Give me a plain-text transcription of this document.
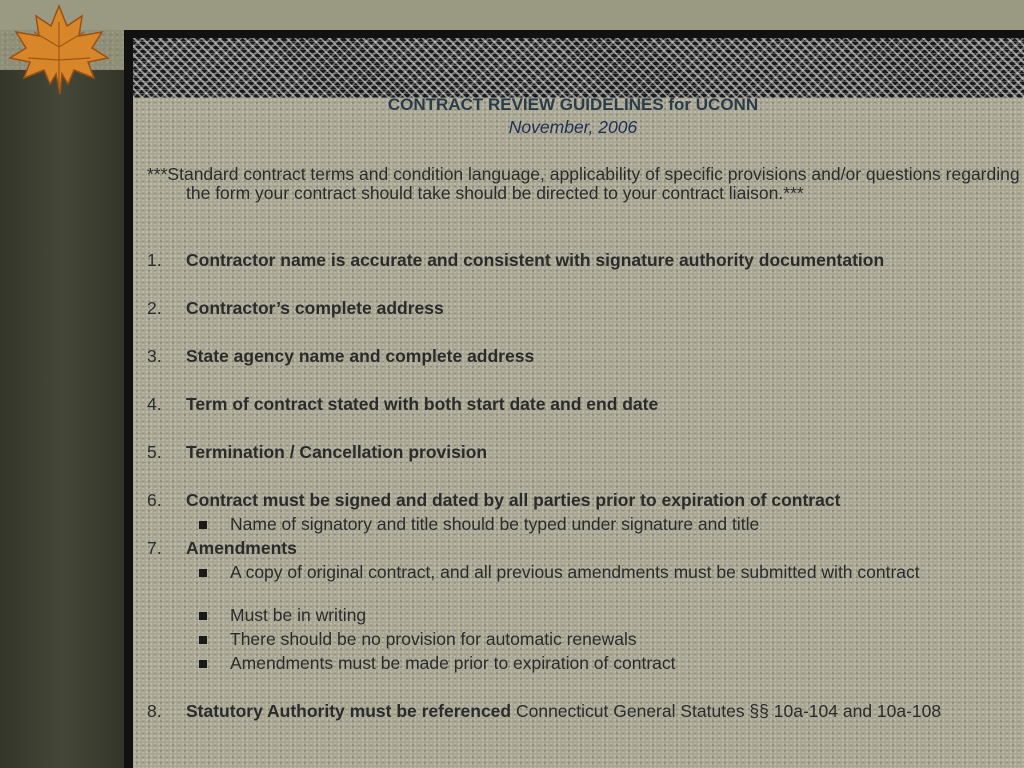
CONTRACT REVIEW GUIDELINES for UCONN
November, 2006
***Standard contract terms and condition language, applicability of specific provisions and/or questions regarding the form your contract should take should be directed to your contract liaison.***
1. Contractor name is accurate and consistent with signature authority documentation
2. Contractor’s complete address
3. State agency name and complete address
4. Term of contract stated with both start date and end date
5. Termination / Cancellation provision
6. Contract must be signed and dated by all parties prior to expiration of contract
Name of signatory and title should be typed under signature and title
7. Amendments
A copy of original contract, and all previous amendments must be submitted with contract
Must be in writing
There should be no provision for automatic renewals
Amendments must be made prior to expiration of contract
8. Statutory Authority must be referenced Connecticut General Statutes §§ 10a-104 and 10a-108
